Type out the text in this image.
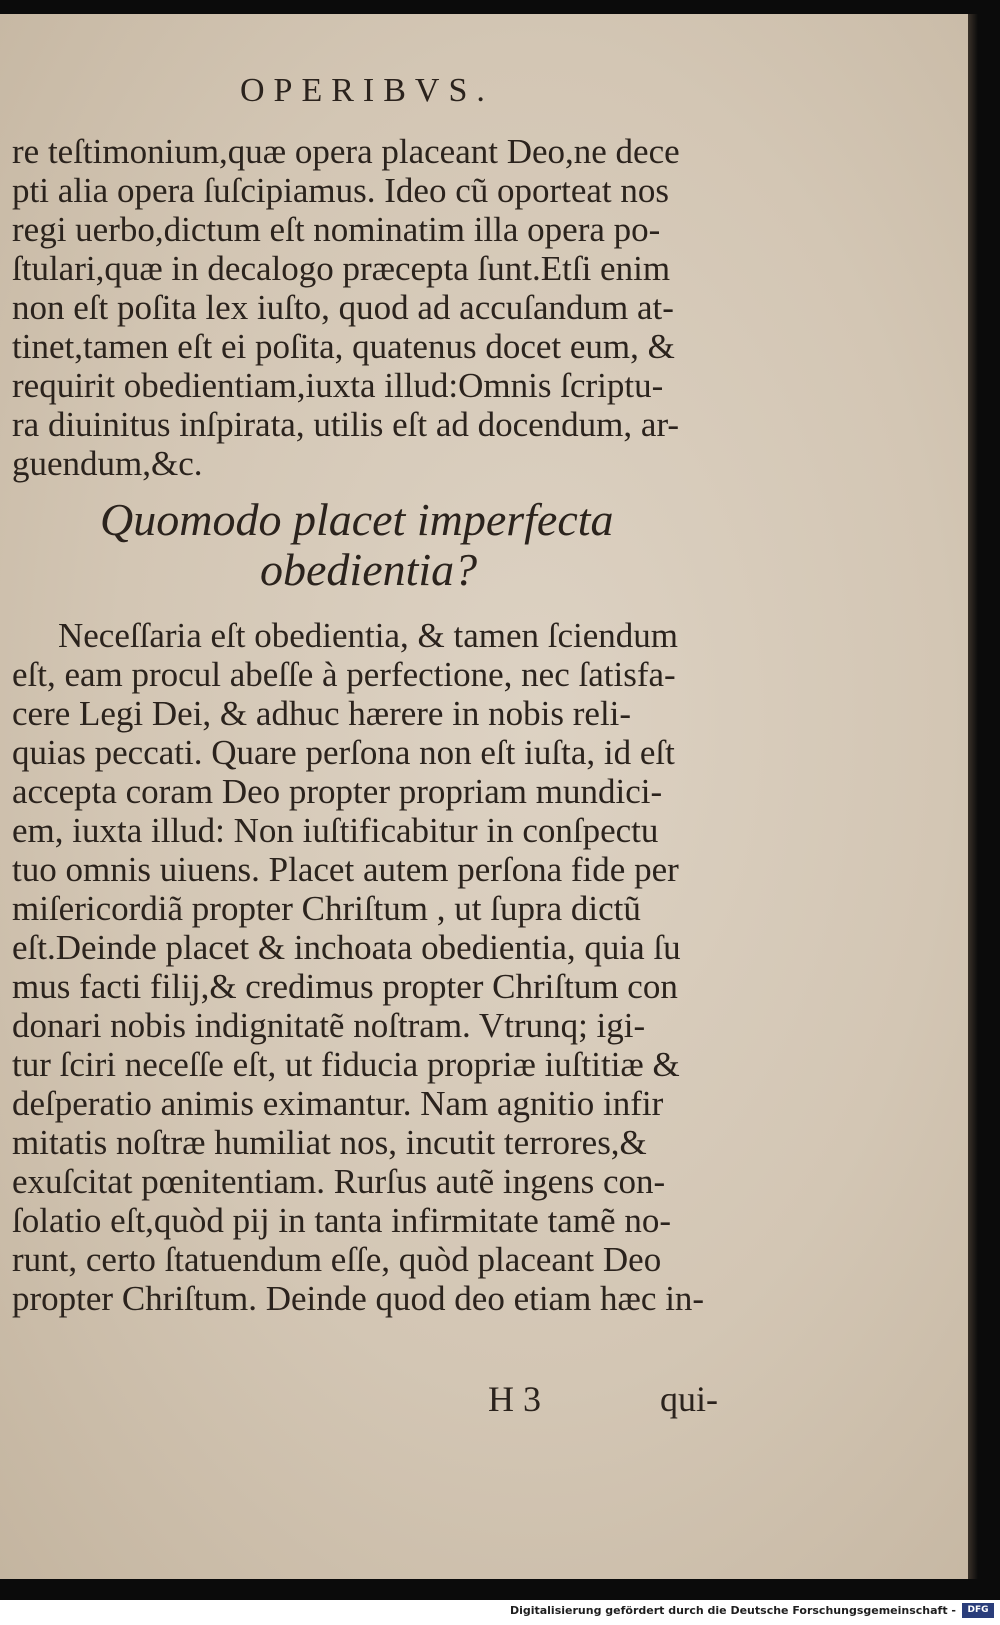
OPERIBVS.
re teſtimonium,quæ opera placeant Deo,ne dece
pti alia opera ſuſcipiamus. Ideo cũ oporteat nos
regi uerbo,dictum eſt nominatim illa opera po-
ſtulari,quæ in decalogo præcepta ſunt.Etſi enim
non eſt poſita lex iuſto, quod ad accuſandum at-
tinet,tamen eſt ei poſita, quatenus docet eum, &
requirit obedientiam,iuxta illud:Omnis ſcriptu-
ra diuinitus inſpirata, utilis eſt ad docendum, ar-
guendum,&c.
Quomodo placet imperfecta
obedientia?
Neceſſaria eſt obedientia, & tamen ſciendum
eſt, eam procul abeſſe à perfectione, nec ſatisfa-
cere Legi Dei, & adhuc hærere in nobis reli-
quias peccati. Quare perſona non eſt iuſta, id eſt
accepta coram Deo propter propriam mundici-
em, iuxta illud: Non iuſtificabitur in conſpectu
tuo omnis uiuens. Placet autem perſona fide per
miſericordiã propter Chriſtum , ut ſupra dictũ
eſt.Deinde placet & inchoata obedientia, quia ſu
mus facti filij,& credimus propter Chriſtum con
donari nobis indignitatẽ noſtram. Vtrunq; igi-
tur ſciri neceſſe eſt, ut fiducia propriæ iuſtitiæ &
deſperatio animis eximantur. Nam agnitio infir
mitatis noſtræ humiliat nos, incutit terrores,&
exuſcitat pœnitentiam. Rurſus autẽ ingens con-
ſolatio eſt,quòd pij in tanta infirmitate tamẽ no-
runt, certo ſtatuendum eſſe, quòd placeant Deo
propter Chriſtum. Deinde quod deo etiam hæc in-
H 3	qui-
Digitalisierung gefördert durch die Deutsche Forschungsgemeinschaft -	DFG
